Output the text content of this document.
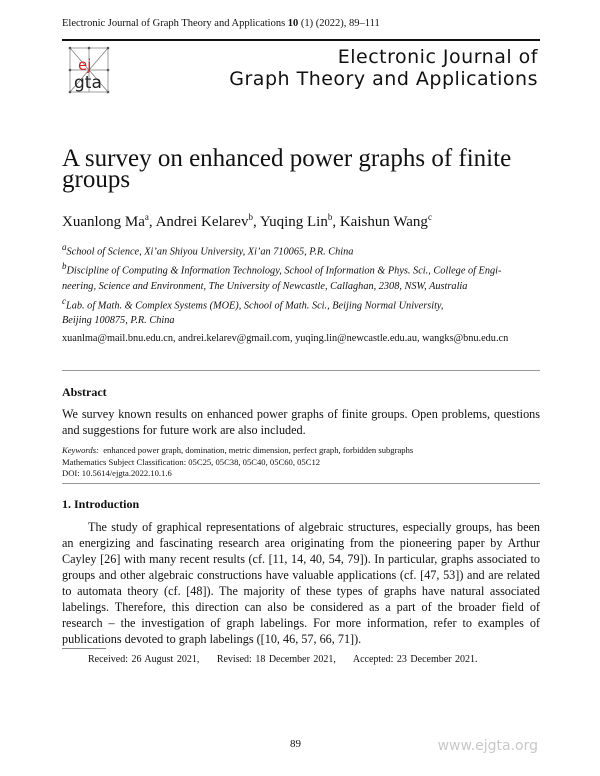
Electronic Journal of Graph Theory and Applications 10 (1) (2022), 89–111
ej
gta
Electronic Journal of
Graph Theory and Applications
A survey on enhanced power graphs of finite groups
Xuanlong Ma$^a$, Andrei Kelarev$^b$, Yuqing Lin$^b$, Kaishun Wang$^c$
$^a$School of Science, Xi’an Shiyou University, Xi’an 710065, P.R. China
$^b$Discipline of Computing & Information Technology, School of Information & Phys. Sci., College of Engi-
neering, Science and Environment, The University of Newcastle, Callaghan, 2308, NSW, Australia
$^c$Lab. of Math. & Complex Systems (MOE), School of Math. Sci., Beijing Normal University,
Beijing 100875, P.R. China
xuanlma@mail.bnu.edu.cn, andrei.kelarev@gmail.com, yuqing.lin@newcastle.edu.au, wangks@bnu.edu.cn
Abstract
We survey known results on enhanced power graphs of finite groups. Open problems, questions and suggestions for future work are also included.
Keywords: enhanced power graph, domination, metric dimension, perfect graph, forbidden subgraphs
Mathematics Subject Classification: 05C25, 05C38, 05C40, 05C60, 05C12
DOI: 10.5614/ejgta.2022.10.1.6
1. Introduction
The study of graphical representations of algebraic structures, especially groups, has been an energizing and fascinating research area originating from the pioneering paper by Arthur Cayley [26] with many recent results (cf. [11, 14, 40, 54, 79]). In particular, graphs associated to groups and other algebraic constructions have valuable applications (cf. [47, 53]) and are related to automata theory (cf. [48]). The majority of these types of graphs have natural associated labelings. Therefore, this direction can also be considered as a part of the broader field of research – the investigation of graph labelings. For more information, refer to examples of publications devoted to graph labelings ([10, 46, 57, 66, 71]).
Received: 26 August 2021, Revised: 18 December 2021, Accepted: 23 December 2021.
89	www.ejgta.org
